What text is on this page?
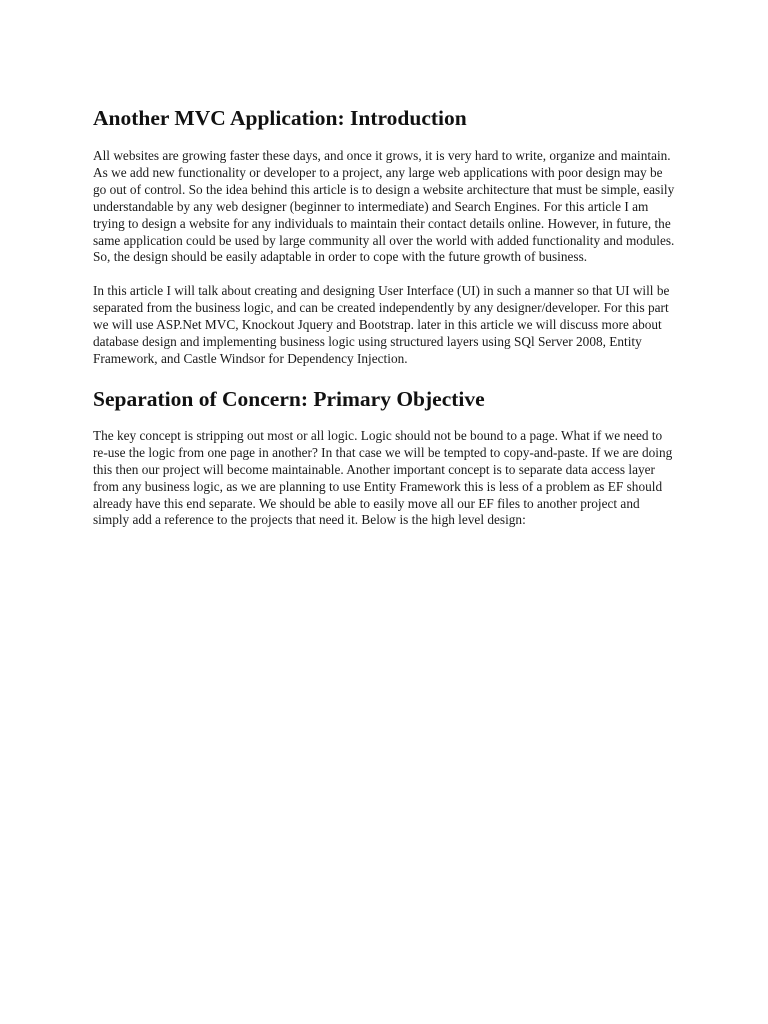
Another MVC Application: Introduction

All websites are growing faster these days, and once it grows, it is very hard to write, organize and maintain. As we add new functionality or developer to a project, any large web applications with poor design may be go out of control. So the idea behind this article is to design a website architecture that must be simple, easily understandable by any web designer (beginner to intermediate) and Search Engines. For this article I am trying to design a website for any individuals to maintain their contact details online. However, in future, the same application could be used by large community all over the world with added functionality and modules. So, the design should be easily adaptable in order to cope with the future growth of business.

In this article I will talk about creating and designing User Interface (UI) in such a manner so that UI will be separated from the business logic, and can be created independently by any designer/developer. For this part we will use ASP.Net MVC, Knockout Jquery and Bootstrap. later in this article we will discuss more about database design and implementing business logic using structured layers using SQl Server 2008, Entity Framework, and Castle Windsor for Dependency Injection.

Separation of Concern: Primary Objective

The key concept is stripping out most or all logic. Logic should not be bound to a page. What if we need to re-use the logic from one page in another? In that case we will be tempted to copy-and-paste. If we are doing this then our project will become maintainable. Another important concept is to separate data access layer from any business logic, as we are planning to use Entity Framework this is less of a problem as EF should already have this end separate. We should be able to easily move all our EF files to another project and simply add a reference to the projects that need it. Below is the high level design:
